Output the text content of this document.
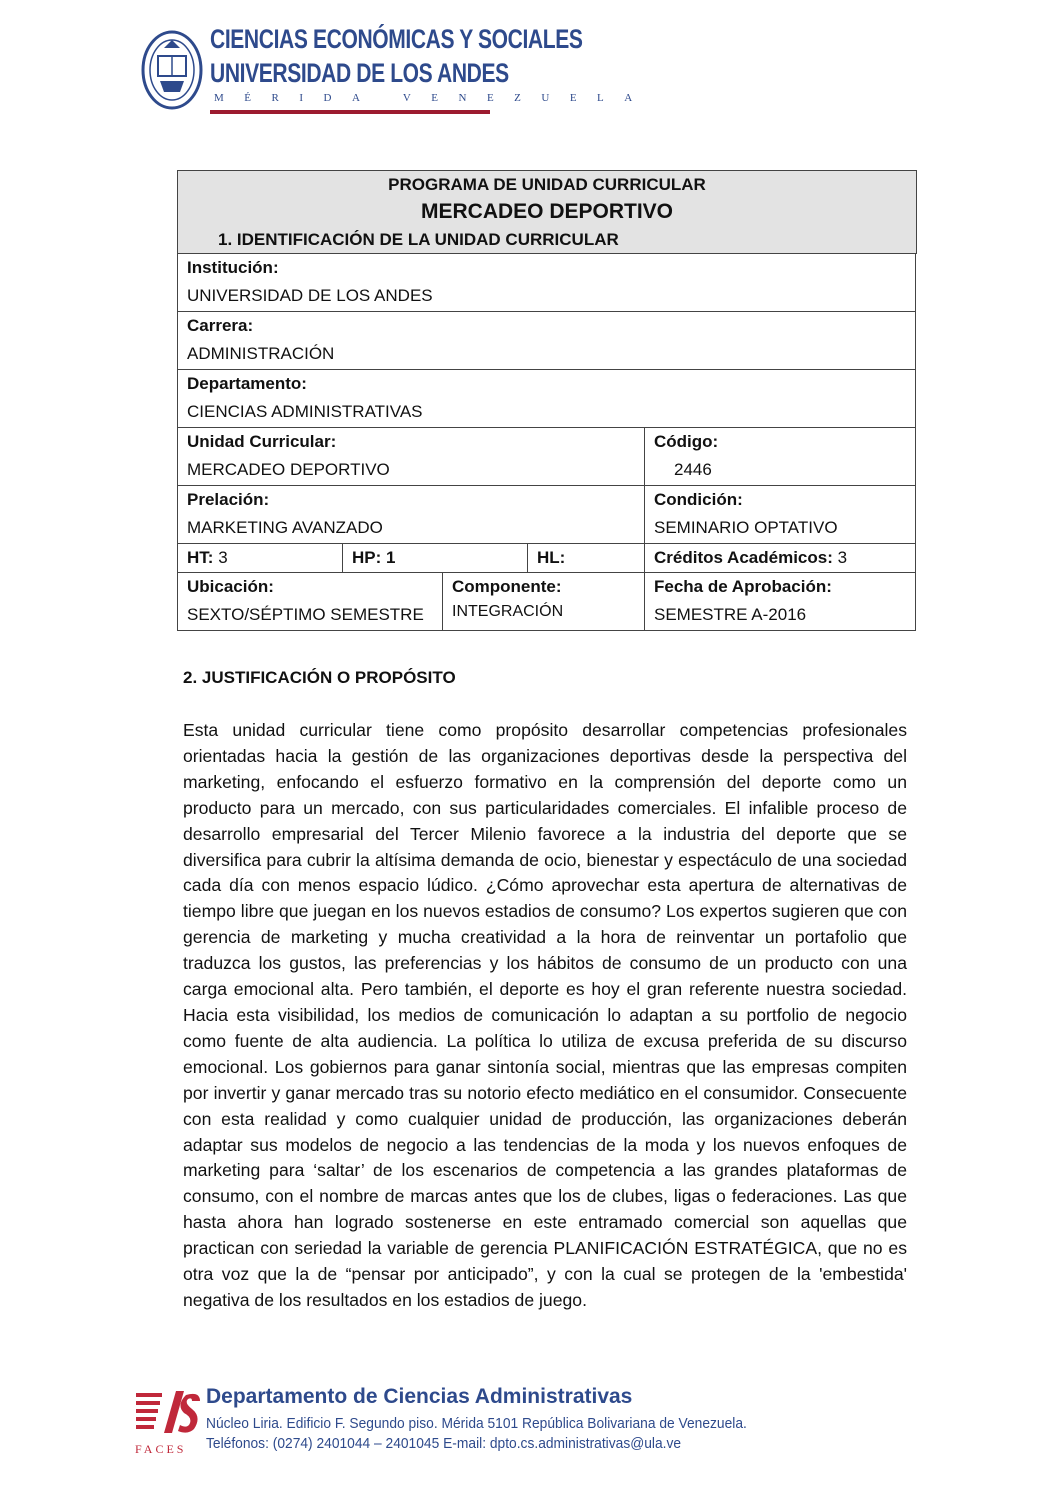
CIENCIAS ECONÓMICAS Y SOCIALES
UNIVERSIDAD DE LOS ANDES
MÉRIDA VENEZUELA
PROGRAMA DE UNIDAD CURRICULAR
MERCADEO DEPORTIVO
1. IDENTIFICACIÓN DE LA UNIDAD CURRICULAR
Institución:
UNIVERSIDAD DE LOS ANDES
Carrera:
ADMINISTRACIÓN
Departamento:
CIENCIAS ADMINISTRATIVAS
Unidad Curricular:
MERCADEO DEPORTIVO
Código:
2446
Prelación:
MARKETING AVANZADO
Condición:
SEMINARIO OPTATIVO
HT: 3	HP: 1	HL:	Créditos Académicos: 3
Ubicación:
SEXTO/SÉPTIMO SEMESTRE
Componente:
INTEGRACIÓN
Fecha de Aprobación:
SEMESTRE A-2016
2. JUSTIFICACIÓN O PROPÓSITO
Esta unidad curricular tiene como propósito desarrollar competencias profesionales orientadas hacia la gestión de las organizaciones deportivas desde la perspectiva del marketing, enfocando el esfuerzo formativo en la comprensión del deporte como un producto para un mercado, con sus particularidades comerciales. El infalible proceso de desarrollo empresarial del Tercer Milenio favorece a la industria del deporte que se diversifica para cubrir la altísima demanda de ocio, bienestar y espectáculo de una sociedad cada día con menos espacio lúdico. ¿Cómo aprovechar esta apertura de alternativas de tiempo libre que juegan en los nuevos estadios de consumo? Los expertos sugieren que con gerencia de marketing y mucha creatividad a la hora de reinventar un portafolio que traduzca los gustos, las preferencias y los hábitos de consumo de un producto con una carga emocional alta. Pero también, el deporte es hoy el gran referente nuestra sociedad. Hacia esta visibilidad, los medios de comunicación lo adaptan a su portfolio de negocio como fuente de alta audiencia. La política lo utiliza de excusa preferida de su discurso emocional. Los gobiernos para ganar sintonía social, mientras que las empresas compiten por invertir y ganar mercado tras su notorio efecto mediático en el consumidor. Consecuente con esta realidad y como cualquier unidad de producción, las organizaciones deberán adaptar sus modelos de negocio a las tendencias de la moda y los nuevos enfoques de marketing para ‘saltar’ de los escenarios de competencia a las grandes plataformas de consumo, con el nombre de marcas antes que los de clubes, ligas o federaciones. Las que hasta ahora han logrado sostenerse en este entramado comercial son aquellas que practican con seriedad la variable de gerencia PLANIFICACIÓN ESTRATÉGICA, que no es otra voz que la de “pensar por anticipado”, y con la cual se protegen de la 'embestida' negativa de los resultados en los estadios de juego.
FACES
Departamento de Ciencias Administrativas
Núcleo Liria. Edificio F. Segundo piso. Mérida 5101 República Bolivariana de Venezuela.
Teléfonos: (0274) 2401044 – 2401045 E-mail: dpto.cs.administrativas@ula.ve
